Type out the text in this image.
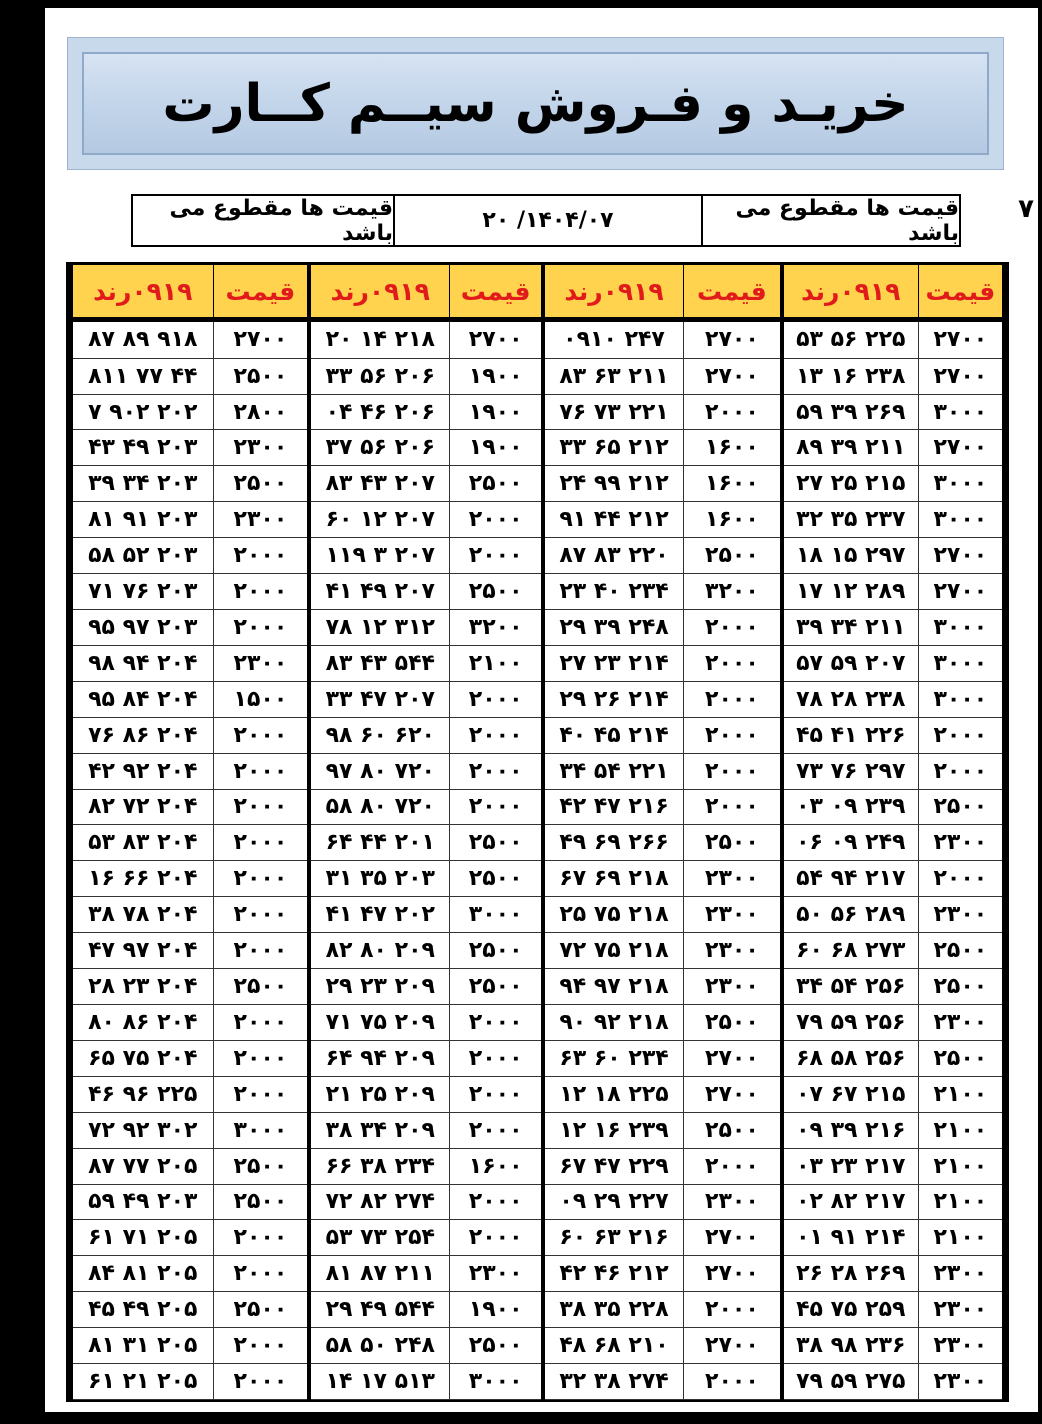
خریـد و فـروش سیــم کــارت
۷
قیمت ها مقطوع می باشد
۱۴۰۴/۰۷/ ۲۰
قیمت ها مقطوع می باشد
قیمت	۰۹۱۹رند	قیمت	۰۹۱۹رند	قیمت	۰۹۱۹رند	قیمت	۰۹۱۹رند
۲۷۰۰	۲۲۵ ۵۶ ۵۳	۲۷۰۰	۲۴۷ ۰۹۱۰	۲۷۰۰	۲۱۸ ۱۴ ۲۰	۲۷۰۰	۹۱۸ ۸۹ ۸۷
۲۷۰۰	۲۳۸ ۱۶ ۱۳	۲۷۰۰	۲۱۱ ۶۳ ۸۳	۱۹۰۰	۲۰۶ ۵۶ ۳۳	۲۵۰۰	۴۴ ۷۷ ۸۱۱
۳۰۰۰	۲۶۹ ۳۹ ۵۹	۲۰۰۰	۲۲۱ ۷۳ ۷۶	۱۹۰۰	۲۰۶ ۴۶ ۰۴	۲۸۰۰	۲۰۲ ۹۰۲ ۷
۲۷۰۰	۲۱۱ ۳۹ ۸۹	۱۶۰۰	۲۱۲ ۶۵ ۳۳	۱۹۰۰	۲۰۶ ۵۶ ۳۷	۲۳۰۰	۲۰۳ ۴۹ ۴۳
۳۰۰۰	۲۱۵ ۲۵ ۲۷	۱۶۰۰	۲۱۲ ۹۹ ۲۴	۲۵۰۰	۲۰۷ ۴۳ ۸۳	۲۵۰۰	۲۰۳ ۳۴ ۳۹
۳۰۰۰	۲۳۷ ۳۵ ۳۲	۱۶۰۰	۲۱۲ ۴۴ ۹۱	۲۰۰۰	۲۰۷ ۱۲ ۶۰	۲۳۰۰	۲۰۳ ۹۱ ۸۱
۲۷۰۰	۲۹۷ ۱۵ ۱۸	۲۵۰۰	۲۲۰ ۸۳ ۸۷	۲۰۰۰	۲۰۷ ۳ ۱۱۹	۲۰۰۰	۲۰۳ ۵۲ ۵۸
۲۷۰۰	۲۸۹ ۱۲ ۱۷	۳۲۰۰	۲۳۴ ۴۰ ۲۳	۲۵۰۰	۲۰۷ ۴۹ ۴۱	۲۰۰۰	۲۰۳ ۷۶ ۷۱
۳۰۰۰	۲۱۱ ۳۴ ۳۹	۲۰۰۰	۲۴۸ ۳۹ ۲۹	۳۲۰۰	۳۱۲ ۱۲ ۷۸	۲۰۰۰	۲۰۳ ۹۷ ۹۵
۳۰۰۰	۲۰۷ ۵۹ ۵۷	۲۰۰۰	۲۱۴ ۲۳ ۲۷	۲۱۰۰	۵۴۴ ۴۳ ۸۳	۲۳۰۰	۲۰۴ ۹۴ ۹۸
۳۰۰۰	۲۳۸ ۲۸ ۷۸	۲۰۰۰	۲۱۴ ۲۶ ۲۹	۲۰۰۰	۲۰۷ ۴۷ ۳۳	۱۵۰۰	۲۰۴ ۸۴ ۹۵
۲۰۰۰	۲۲۶ ۴۱ ۴۵	۲۰۰۰	۲۱۴ ۴۵ ۴۰	۲۰۰۰	۶۲۰ ۶۰ ۹۸	۲۰۰۰	۲۰۴ ۸۶ ۷۶
۲۰۰۰	۲۹۷ ۷۶ ۷۳	۲۰۰۰	۲۲۱ ۵۴ ۳۴	۲۰۰۰	۷۲۰ ۸۰ ۹۷	۲۰۰۰	۲۰۴ ۹۲ ۴۲
۲۵۰۰	۲۳۹ ۰۹ ۰۳	۲۰۰۰	۲۱۶ ۴۷ ۴۲	۲۰۰۰	۷۲۰ ۸۰ ۵۸	۲۰۰۰	۲۰۴ ۷۲ ۸۲
۲۳۰۰	۲۴۹ ۰۹ ۰۶	۲۵۰۰	۲۶۶ ۶۹ ۴۹	۲۵۰۰	۲۰۱ ۴۴ ۶۴	۲۰۰۰	۲۰۴ ۸۳ ۵۳
۲۰۰۰	۲۱۷ ۹۴ ۵۴	۲۳۰۰	۲۱۸ ۶۹ ۶۷	۲۵۰۰	۲۰۳ ۳۵ ۳۱	۲۰۰۰	۲۰۴ ۶۶ ۱۶
۲۳۰۰	۲۸۹ ۵۶ ۵۰	۲۳۰۰	۲۱۸ ۷۵ ۲۵	۳۰۰۰	۲۰۲ ۴۷ ۴۱	۲۰۰۰	۲۰۴ ۷۸ ۳۸
۲۵۰۰	۲۷۳ ۶۸ ۶۰	۲۳۰۰	۲۱۸ ۷۵ ۷۲	۲۵۰۰	۲۰۹ ۸۰ ۸۲	۲۰۰۰	۲۰۴ ۹۷ ۴۷
۲۵۰۰	۲۵۶ ۵۴ ۳۴	۲۳۰۰	۲۱۸ ۹۷ ۹۴	۲۵۰۰	۲۰۹ ۲۳ ۲۹	۲۵۰۰	۲۰۴ ۲۳ ۲۸
۲۳۰۰	۲۵۶ ۵۹ ۷۹	۲۵۰۰	۲۱۸ ۹۲ ۹۰	۲۰۰۰	۲۰۹ ۷۵ ۷۱	۲۰۰۰	۲۰۴ ۸۶ ۸۰
۲۵۰۰	۲۵۶ ۵۸ ۶۸	۲۷۰۰	۲۳۴ ۶۰ ۶۳	۲۰۰۰	۲۰۹ ۹۴ ۶۴	۲۰۰۰	۲۰۴ ۷۵ ۶۵
۲۱۰۰	۲۱۵ ۶۷ ۰۷	۲۷۰۰	۲۲۵ ۱۸ ۱۲	۲۰۰۰	۲۰۹ ۲۵ ۲۱	۲۰۰۰	۲۲۵ ۹۶ ۴۶
۲۱۰۰	۲۱۶ ۳۹ ۰۹	۲۵۰۰	۲۳۹ ۱۶ ۱۲	۲۰۰۰	۲۰۹ ۳۴ ۳۸	۳۰۰۰	۳۰۲ ۹۲ ۷۲
۲۱۰۰	۲۱۷ ۲۳ ۰۳	۲۰۰۰	۲۲۹ ۴۷ ۶۷	۱۶۰۰	۲۳۴ ۳۸ ۶۶	۲۵۰۰	۲۰۵ ۷۷ ۸۷
۲۱۰۰	۲۱۷ ۸۲ ۰۲	۲۳۰۰	۲۲۷ ۲۹ ۰۹	۲۰۰۰	۲۷۴ ۸۲ ۷۲	۲۵۰۰	۲۰۳ ۴۹ ۵۹
۲۱۰۰	۲۱۴ ۹۱ ۰۱	۲۷۰۰	۲۱۶ ۶۳ ۶۰	۲۰۰۰	۲۵۴ ۷۳ ۵۳	۲۰۰۰	۲۰۵ ۷۱ ۶۱
۲۳۰۰	۲۶۹ ۲۸ ۲۶	۲۷۰۰	۲۱۲ ۴۶ ۴۲	۲۳۰۰	۲۱۱ ۸۷ ۸۱	۲۰۰۰	۲۰۵ ۸۱ ۸۴
۲۳۰۰	۲۵۹ ۷۵ ۴۵	۲۰۰۰	۲۲۸ ۳۵ ۳۸	۱۹۰۰	۵۴۴ ۴۹ ۲۹	۲۵۰۰	۲۰۵ ۴۹ ۴۵
۲۳۰۰	۲۳۶ ۹۸ ۳۸	۲۷۰۰	۲۱۰ ۶۸ ۴۸	۲۵۰۰	۲۴۸ ۵۰ ۵۸	۲۰۰۰	۲۰۵ ۳۱ ۸۱
۲۳۰۰	۲۷۵ ۵۹ ۷۹	۲۰۰۰	۲۷۴ ۳۸ ۳۲	۳۰۰۰	۵۱۳ ۱۷ ۱۴	۲۰۰۰	۲۰۵ ۲۱ ۶۱
